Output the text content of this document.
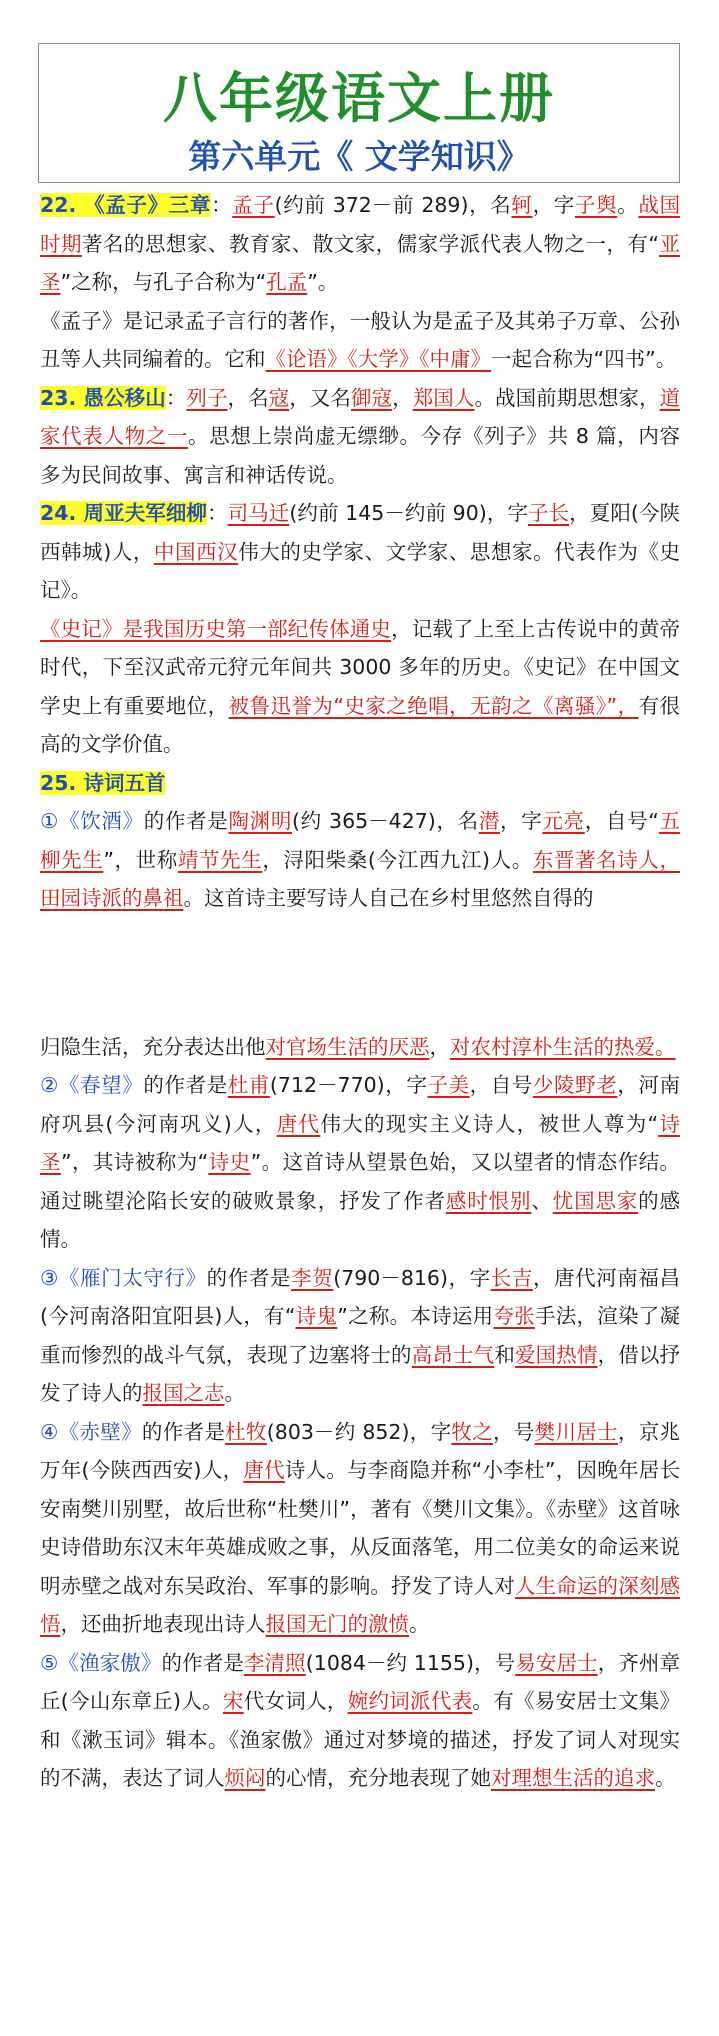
八年级语文上册
第六单元《 文学知识》

22. 《孟子》三章：孟子(约前 372－前 289)，名轲，字子舆。战国时期著名的思想家、教育家、散文家，儒家学派代表人物之一，有“亚圣”之称，与孔子合称为“孔孟”。

《孟子》是记录孟子言行的著作，一般认为是孟子及其弟子万章、公孙丑等人共同编着的。它和《论语》《大学》《中庸》一起合称为“四书”。

23. 愚公移山：列子，名寇，又名御寇，郑国人。战国前期思想家，道家代表人物之一。思想上崇尚虚无缥缈。今存《列子》共 8 篇，内容多为民间故事、寓言和神话传说。

24. 周亚夫军细柳：司马迁(约前 145－约前 90)，字子长，夏阳(今陕西韩城)人，中国西汉伟大的史学家、文学家、思想家。代表作为《史记》。

《史记》是我国历史第一部纪传体通史，记载了上至上古传说中的黄帝时代，下至汉武帝元狩元年间共 3000 多年的历史。《史记》在中国文学史上有重要地位，被鲁迅誉为“史家之绝唱，无韵之《离骚》”，有很高的文学价值。

25. 诗词五首

①《饮酒》的作者是陶渊明(约 365－427)，名潜，字元亮，自号“五柳先生”，世称靖节先生，浔阳柴桑(今江西九江)人。东晋著名诗人，田园诗派的鼻祖。这首诗主要写诗人自己在乡村里悠然自得的

归隐生活，充分表达出他对官场生活的厌恶，对农村淳朴生活的热爱。

②《春望》的作者是杜甫(712－770)，字子美，自号少陵野老，河南府巩县(今河南巩义)人，唐代伟大的现实主义诗人，被世人尊为“诗圣”，其诗被称为“诗史”。这首诗从望景色始，又以望者的情态作结。通过眺望沦陷长安的破败景象，抒发了作者感时恨别、忧国思家的感情。

③《雁门太守行》的作者是李贺(790－816)，字长吉，唐代河南福昌(今河南洛阳宜阳县)人，有“诗鬼”之称。本诗运用夸张手法，渲染了凝重而惨烈的战斗气氛，表现了边塞将士的高昂士气和爱国热情，借以抒发了诗人的报国之志。

④《赤壁》的作者是杜牧(803－约 852)，字牧之，号樊川居士，京兆万年(今陕西西安)人，唐代诗人。与李商隐并称“小李杜”，因晚年居长安南樊川别墅，故后世称“杜樊川”，著有《樊川文集》。《赤壁》这首咏史诗借助东汉末年英雄成败之事，从反面落笔，用二位美女的命运来说明赤壁之战对东吴政治、军事的影响。抒发了诗人对人生命运的深刻感悟，还曲折地表现出诗人报国无门的激愤。

⑤《渔家傲》的作者是李清照(1084－约 1155)，号易安居士，齐州章丘(今山东章丘)人。宋代女词人，婉约词派代表。有《易安居士文集》和《漱玉词》辑本。《渔家傲》通过对梦境的描述，抒发了词人对现实的不满，表达了词人烦闷的心情，充分地表现了她对理想生活的追求。
